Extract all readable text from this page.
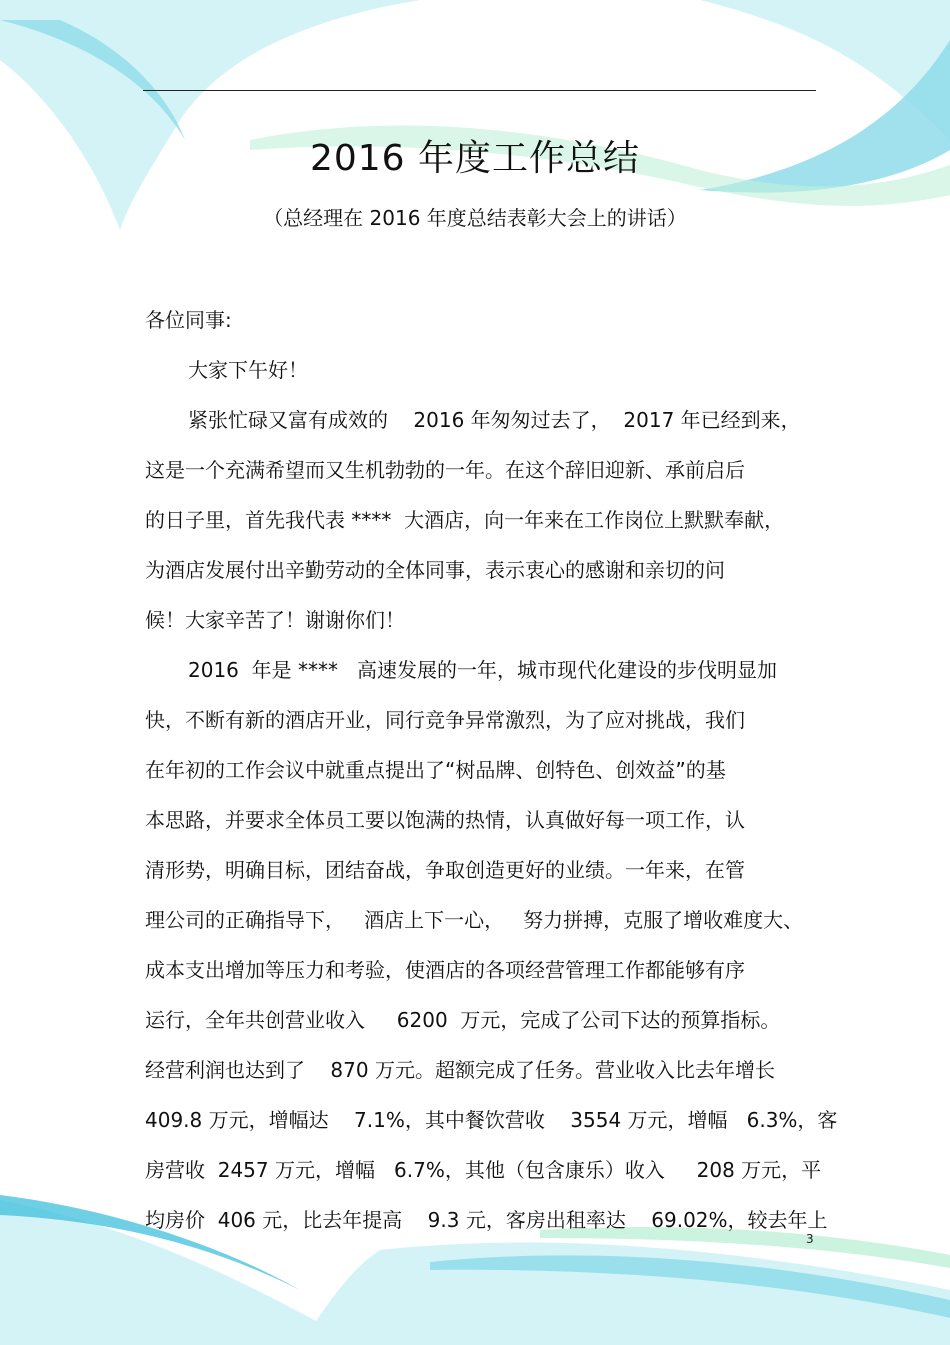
2016 年度工作总结
（总经理在 2016 年度总结表彰大会上的讲话）
各位同事:
大家下午好！
紧张忙碌又富有成效的    2016 年匆匆过去了，  2017 年已经到来，
这是一个充满希望而又生机勃勃的一年。在这个辞旧迎新、承前启后
的日子里，首先我代表 ****  大酒店，向一年来在工作岗位上默默奉献，
为酒店发展付出辛勤劳动的全体同事，表示衷心的感谢和亲切的问
候！大家辛苦了！谢谢你们！
2016  年是 ****   高速发展的一年，城市现代化建设的步伐明显加
快，不断有新的酒店开业，同行竞争异常激烈，为了应对挑战，我们
在年初的工作会议中就重点提出了“树品牌、创特色、创效益”的基
本思路，并要求全体员工要以饱满的热情，认真做好每一项工作，认
清形势，明确目标，团结奋战，争取创造更好的业绩。一年来，在管
理公司的正确指导下，   酒店上下一心，   努力拼搏，克服了增收难度大、
成本支出增加等压力和考验，使酒店的各项经营管理工作都能够有序
运行，全年共创营业收入     6200  万元，完成了公司下达的预算指标。
经营利润也达到了    870 万元。超额完成了任务。营业收入比去年增长
409.8 万元，增幅达    7.1%，其中餐饮营收    3554 万元，增幅   6.3%，客
房营收  2457 万元，增幅   6.7%，其他（包含康乐）收入     208 万元，平
均房价  406 元，比去年提高    9.3 元，客房出租率达    69.02%，较去年上
3
